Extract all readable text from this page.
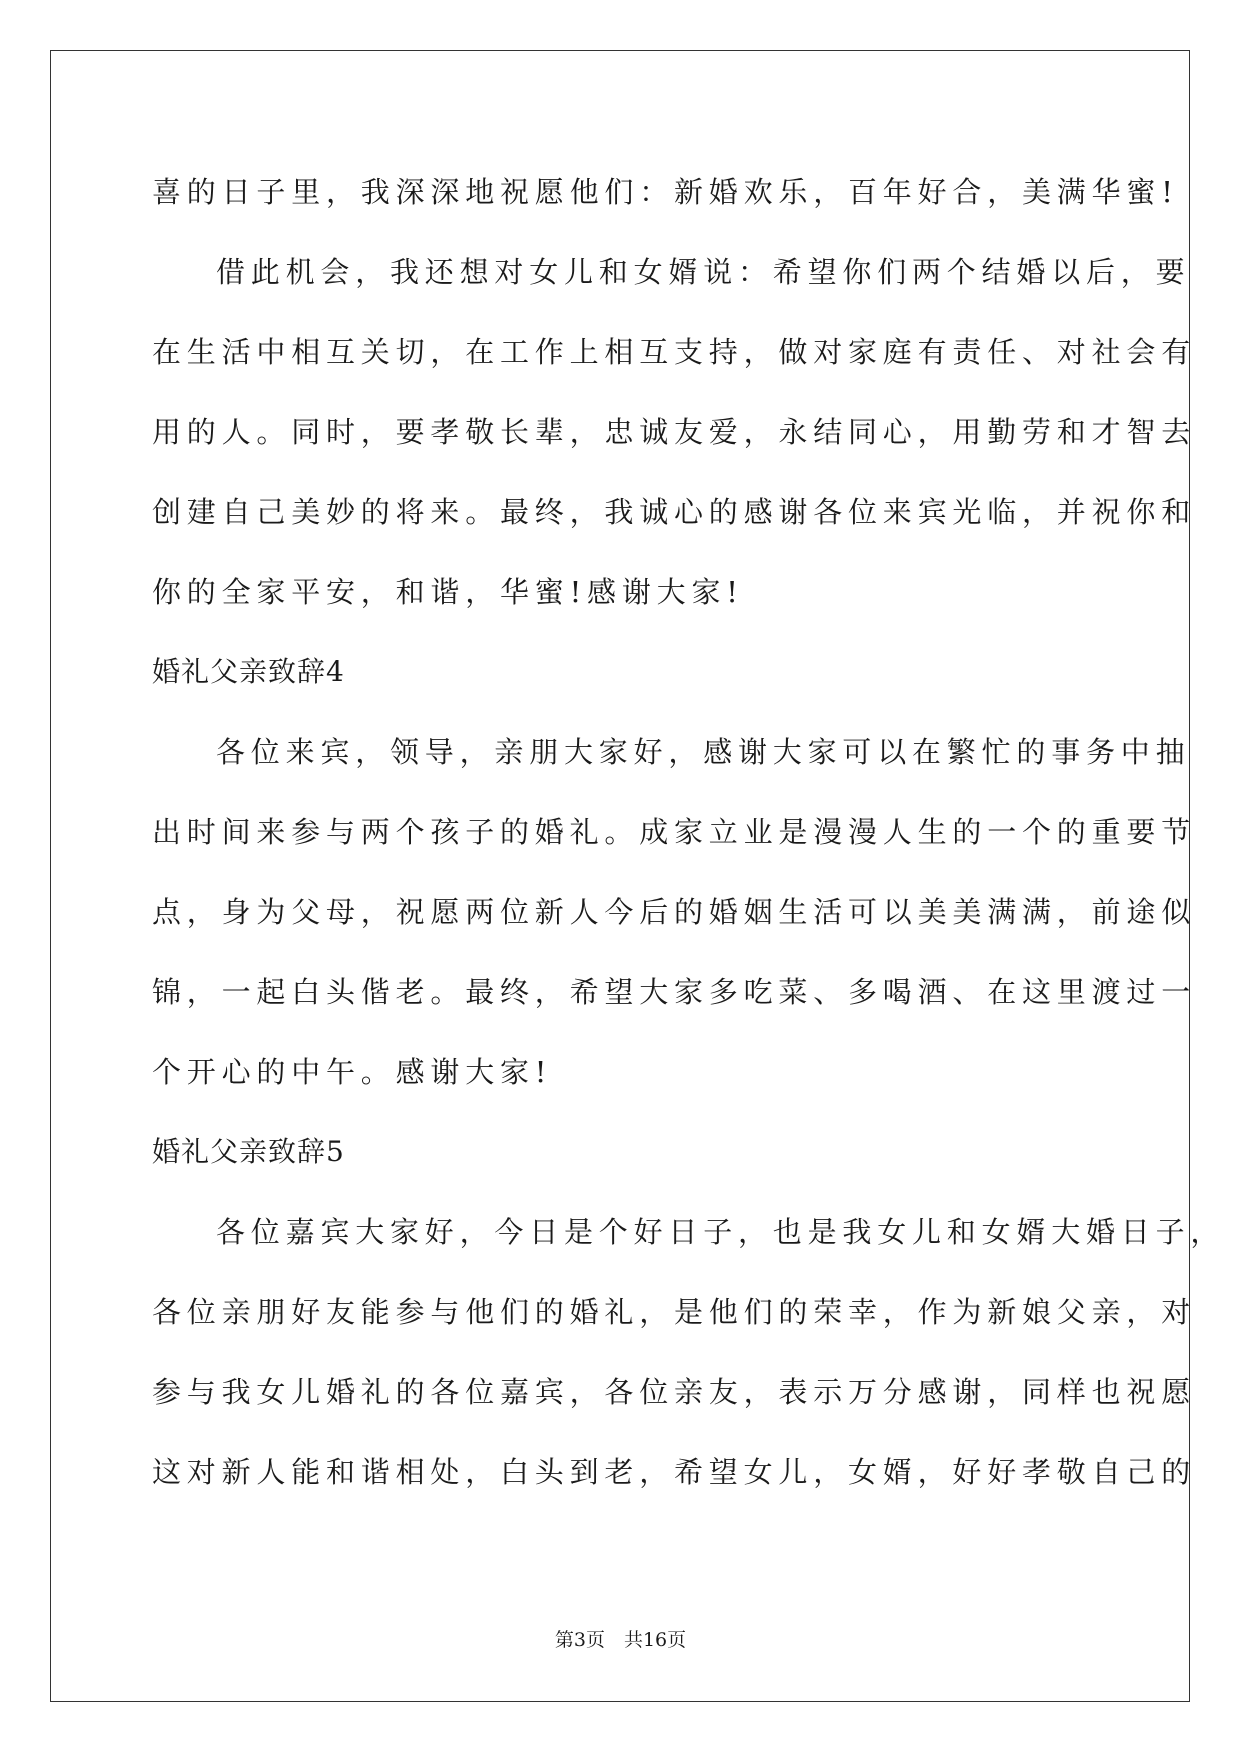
喜的日子里，我深深地祝愿他们：新婚欢乐，百年好合，美满华蜜!
借此机会，我还想对女儿和女婿说：希望你们两个结婚以后，要
在生活中相互关切，在工作上相互支持，做对家庭有责任、对社会有
用的人。同时，要孝敬长辈，忠诚友爱，永结同心，用勤劳和才智去
创建自己美妙的将来。最终，我诚心的感谢各位来宾光临，并祝你和
你的全家平安，和谐，华蜜!感谢大家!
婚礼父亲致辞4
各位来宾，领导，亲朋大家好，感谢大家可以在繁忙的事务中抽
出时间来参与两个孩子的婚礼。成家立业是漫漫人生的一个的重要节
点，身为父母，祝愿两位新人今后的婚姻生活可以美美满满，前途似
锦，一起白头偕老。最终，希望大家多吃菜、多喝酒、在这里渡过一
个开心的中午。感谢大家!
婚礼父亲致辞5
各位嘉宾大家好，今日是个好日子，也是我女儿和女婿大婚日子，
各位亲朋好友能参与他们的婚礼，是他们的荣幸，作为新娘父亲，对
参与我女儿婚礼的各位嘉宾，各位亲友，表示万分感谢，同样也祝愿
这对新人能和谐相处，白头到老，希望女儿，女婿，好好孝敬自己的
第3页　共16页
